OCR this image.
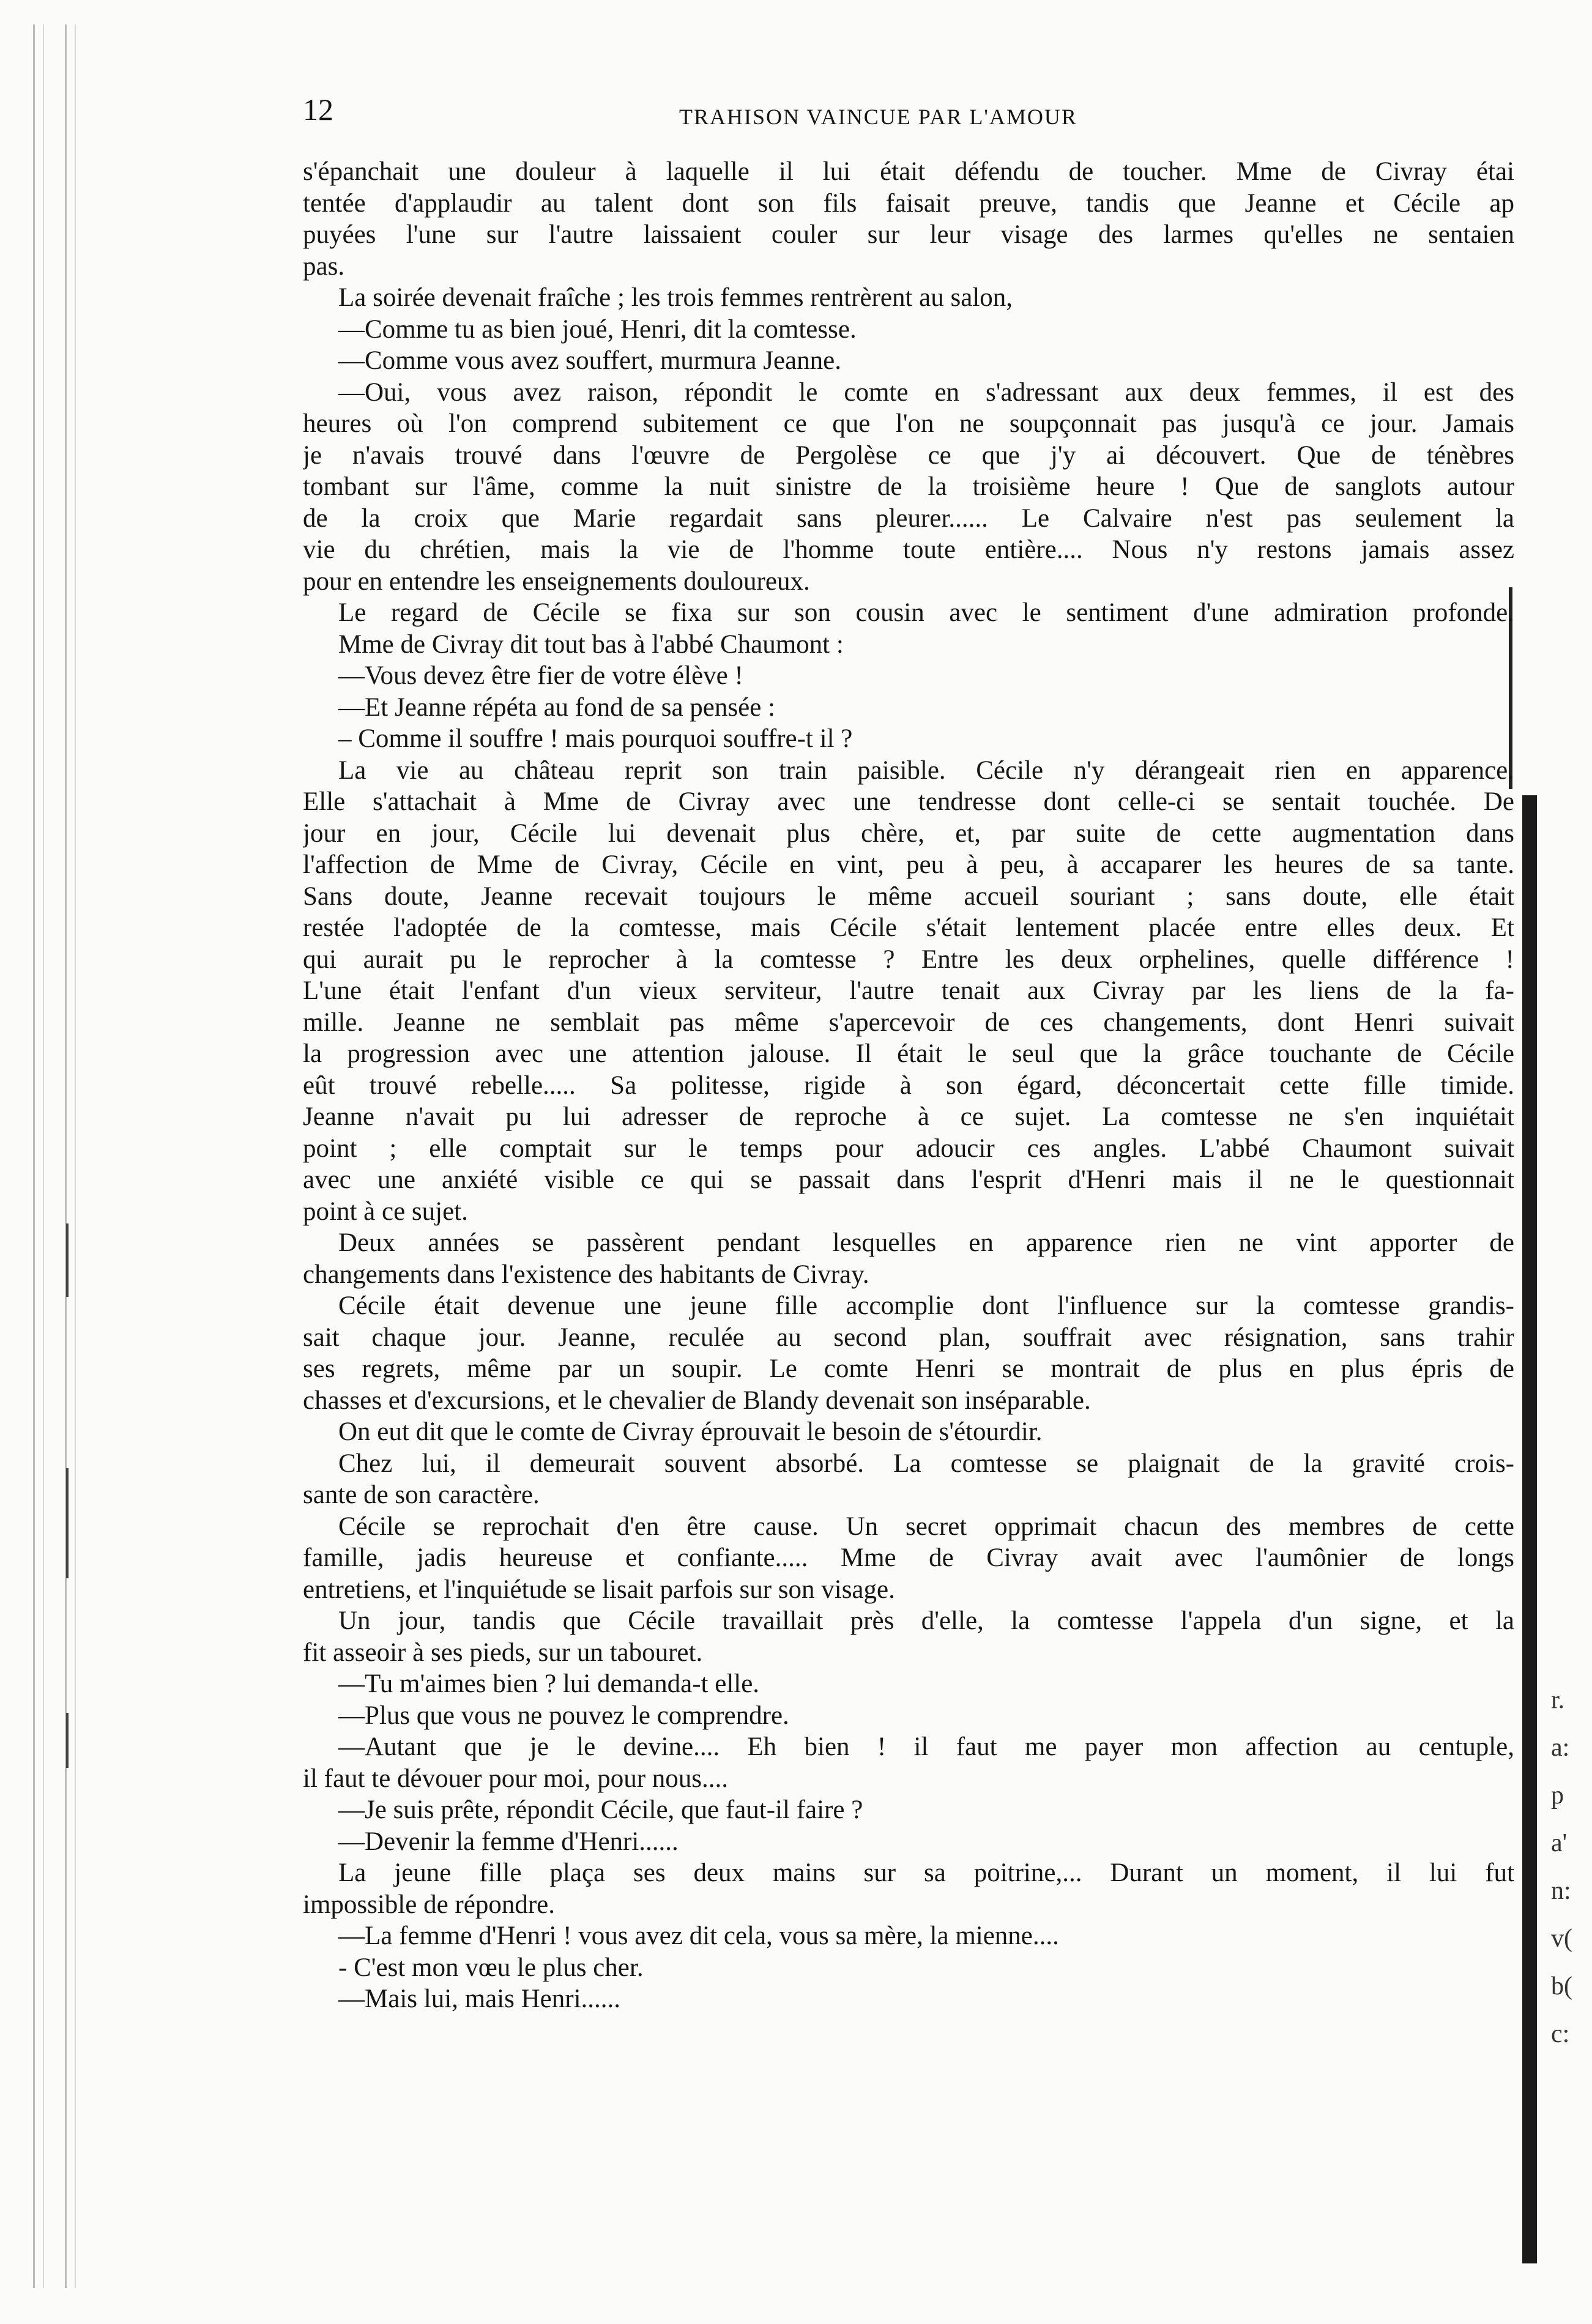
r.
a:
p
a'
n:
v(
b(
c:
12	TRAHISON VAINCUE PAR L'AMOUR
s'épanchait une douleur à laquelle il lui était défendu de toucher. Mme de Civray étai
tentée d'applaudir au talent dont son fils faisait preuve, tandis que Jeanne et Cécile ap
puyées l'une sur l'autre laissaient couler sur leur visage des larmes qu'elles ne sentaien
pas.
La soirée devenait fraîche ; les trois femmes rentrèrent au salon,
—Comme tu as bien joué, Henri, dit la comtesse.
—Comme vous avez souffert, murmura Jeanne.
—Oui, vous avez raison, répondit le comte en s'adressant aux deux femmes, il est des
heures où l'on comprend subitement ce que l'on ne soupçonnait pas jusqu'à ce jour. Jamais
je n'avais trouvé dans l'œuvre de Pergolèse ce que j'y ai découvert. Que de ténèbres
tombant sur l'âme, comme la nuit sinistre de la troisième heure ! Que de sanglots autour
de la croix que Marie regardait sans pleurer...... Le Calvaire n'est pas seulement la
vie du chrétien, mais la vie de l'homme toute entière.... Nous n'y restons jamais assez
pour en entendre les enseignements douloureux.
Le regard de Cécile se fixa sur son cousin avec le sentiment d'une admiration profonde.
Mme de Civray dit tout bas à l'abbé Chaumont :
—Vous devez être fier de votre élève !
—Et Jeanne répéta au fond de sa pensée :
– Comme il souffre ! mais pourquoi souffre-t il ?
La vie au château reprit son train paisible. Cécile n'y dérangeait rien en apparence.
Elle s'attachait à Mme de Civray avec une tendresse dont celle-ci se sentait touchée. De
jour en jour, Cécile lui devenait plus chère, et, par suite de cette augmentation dans
l'affection de Mme de Civray, Cécile en vint, peu à peu, à accaparer les heures de sa tante.
Sans doute, Jeanne recevait toujours le même accueil souriant ; sans doute, elle était
restée l'adoptée de la comtesse, mais Cécile s'était lentement placée entre elles deux. Et
qui aurait pu le reprocher à la comtesse ? Entre les deux orphelines, quelle différence !
L'une était l'enfant d'un vieux serviteur, l'autre tenait aux Civray par les liens de la fa-
mille. Jeanne ne semblait pas même s'apercevoir de ces changements, dont Henri suivait
la progression avec une attention jalouse. Il était le seul que la grâce touchante de Cécile
eût trouvé rebelle..... Sa politesse, rigide à son égard, déconcertait cette fille timide.
Jeanne n'avait pu lui adresser de reproche à ce sujet. La comtesse ne s'en inquiétait
point ; elle comptait sur le temps pour adoucir ces angles. L'abbé Chaumont suivait
avec une anxiété visible ce qui se passait dans l'esprit d'Henri mais il ne le questionnait
point à ce sujet.
Deux années se passèrent pendant lesquelles en apparence rien ne vint apporter de
changements dans l'existence des habitants de Civray.
Cécile était devenue une jeune fille accomplie dont l'influence sur la comtesse grandis-
sait chaque jour. Jeanne, reculée au second plan, souffrait avec résignation, sans trahir
ses regrets, même par un soupir. Le comte Henri se montrait de plus en plus épris de
chasses et d'excursions, et le chevalier de Blandy devenait son inséparable.
On eut dit que le comte de Civray éprouvait le besoin de s'étourdir.
Chez lui, il demeurait souvent absorbé. La comtesse se plaignait de la gravité crois-
sante de son caractère.
Cécile se reprochait d'en être cause. Un secret opprimait chacun des membres de cette
famille, jadis heureuse et confiante..... Mme de Civray avait avec l'aumônier de longs
entretiens, et l'inquiétude se lisait parfois sur son visage.
Un jour, tandis que Cécile travaillait près d'elle, la comtesse l'appela d'un signe, et la
fit asseoir à ses pieds, sur un tabouret.
—Tu m'aimes bien ? lui demanda-t elle.
—Plus que vous ne pouvez le comprendre.
—Autant que je le devine.... Eh bien ! il faut me payer mon affection au centuple,
il faut te dévouer pour moi, pour nous....
—Je suis prête, répondit Cécile, que faut-il faire ?
—Devenir la femme d'Henri......
La jeune fille plaça ses deux mains sur sa poitrine,... Durant un moment, il lui fut
impossible de répondre.
—La femme d'Henri ! vous avez dit cela, vous sa mère, la mienne....
- C'est mon vœu le plus cher.
—Mais lui, mais Henri......
